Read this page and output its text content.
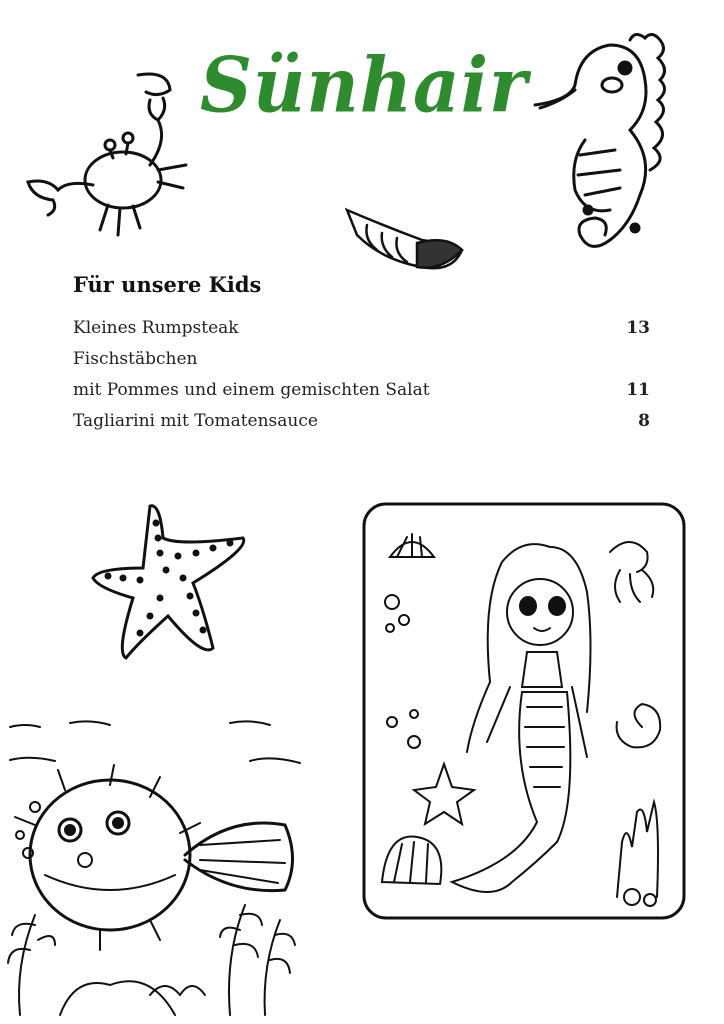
Sünhair
Für unsere Kids
Kleines Rumpsteak	13
Fischstäbchen
mit Pommes und einem gemischten Salat	11
Tagliarini mit Tomatensauce	8
